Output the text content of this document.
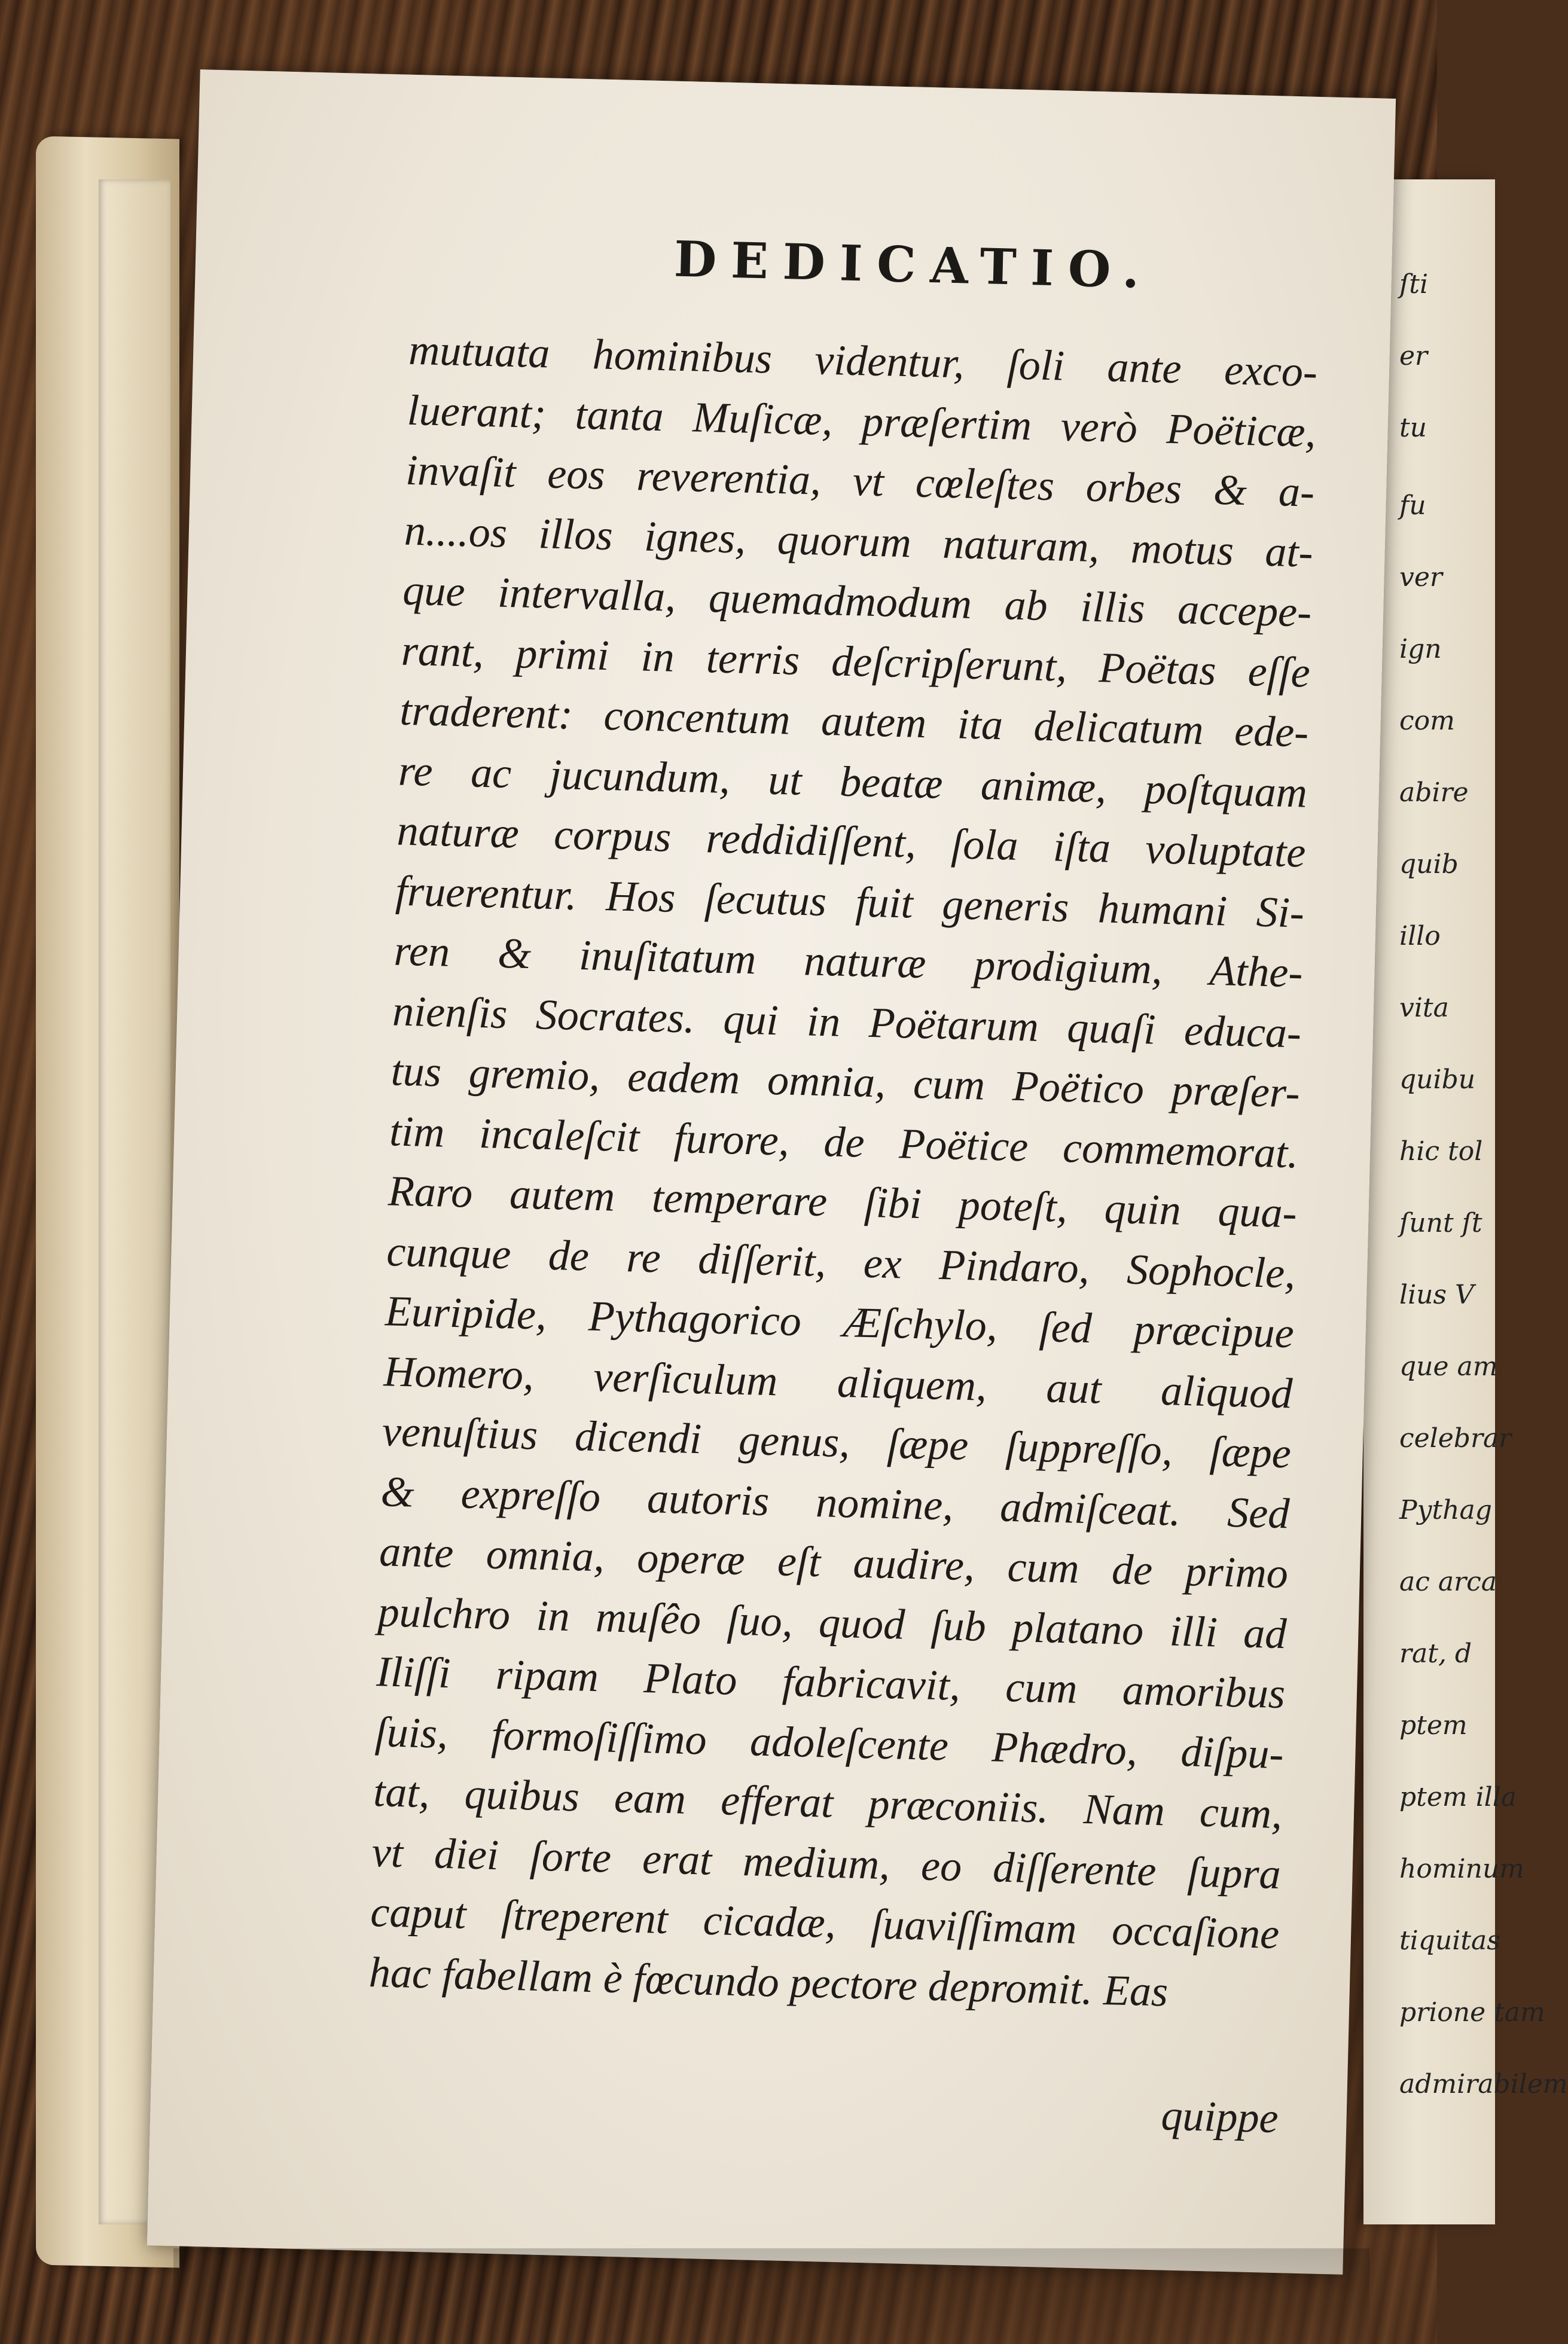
ſti
er
tu
fu
ver
ign
com
abire
quib
illo
vita
quibu
hic tol
ſunt ſt
lius V
que am
celebrar
Pythag
ac arca
rat, d
ptem
ptem illa
hominum
tiquitas
prione tam
admirabilem
DEDICATIO.
mutuata hominibus videntur, ſoli ante exco-
luerant; tanta Muſicæ, præſertim verò Poëticæ,
invaſit eos reverentia, vt cœleſtes orbes & a-
n....os illos ignes, quorum naturam, motus at-
que intervalla, quemadmodum ab illis accepe-
rant, primi in terris deſcripſerunt, Poëtas eſſe
traderent: concentum autem ita delicatum ede-
re ac jucundum, ut beatæ animæ, poſtquam
naturæ corpus reddidiſſent, ſola iſta voluptate
fruerentur. Hos ſecutus fuit generis humani Si-
ren & inuſitatum naturæ prodigium, Athe-
nienſis Socrates. qui in Poëtarum quaſi educa-
tus gremio, eadem omnia, cum Poëtico præſer-
tim incaleſcit furore, de Poëtice commemorat.
Raro autem temperare ſibi poteſt, quin qua-
cunque de re diſſerit, ex Pindaro, Sophocle,
Euripide, Pythagorico Æſchylo, ſed præcipue
Homero, verſiculum aliquem, aut aliquod
venuſtius dicendi genus, ſæpe ſuppreſſo, ſæpe
& expreſſo autoris nomine, admiſceat. Sed
ante omnia, operæ eſt audire, cum de primo
pulchro in muſêo ſuo, quod ſub platano illi ad
Iliſſi ripam Plato fabricavit, cum amoribus
ſuis, formoſiſſimo adoleſcente Phædro, diſpu-
tat, quibus eam efferat præconiis. Nam cum,
vt diei ſorte erat medium, eo diſſerente ſupra
caput ſtreperent cicadæ, ſuaviſſimam occaſione
hac fabellam è fœcundo pectore depromit. Eas
quippe
